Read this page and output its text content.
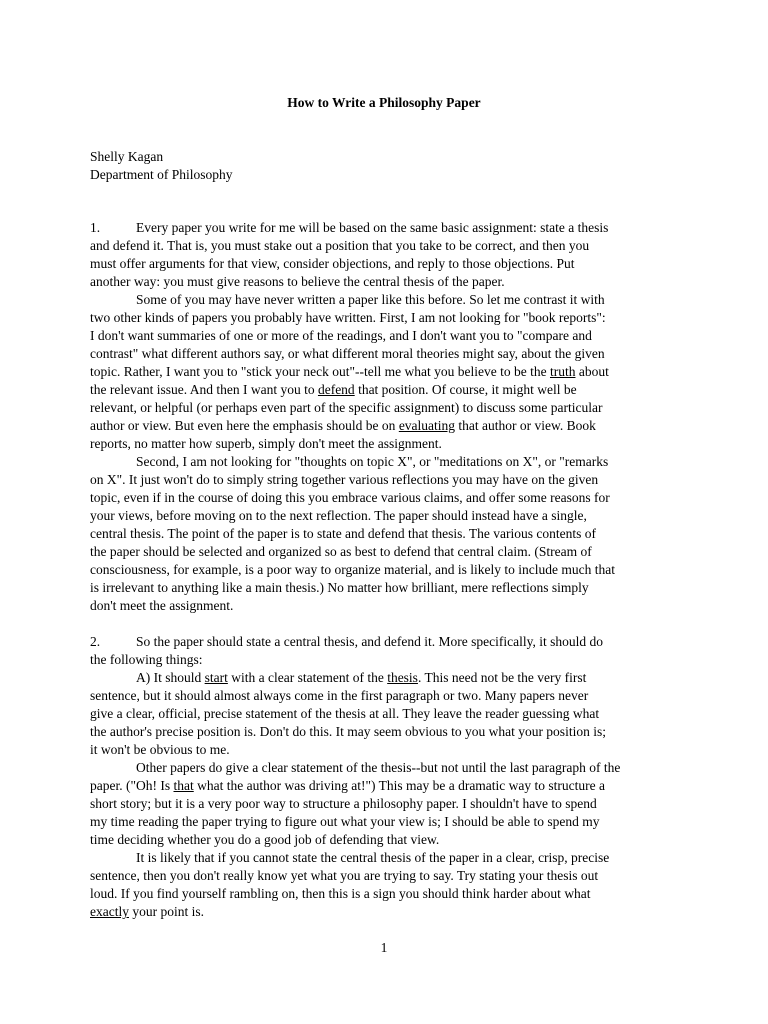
How to Write a Philosophy Paper
Shelly Kagan
Department of Philosophy
1.	Every paper you write for me will be based on the same basic assignment: state a thesis
and defend it. That is, you must stake out a position that you take to be correct, and then you
must offer arguments for that view, consider objections, and reply to those objections. Put
another way: you must give reasons to believe the central thesis of the paper.
Some of you may have never written a paper like this before. So let me contrast it with
two other kinds of papers you probably have written. First, I am not looking for "book reports":
I don't want summaries of one or more of the readings, and I don't want you to "compare and
contrast" what different authors say, or what different moral theories might say, about the given
topic. Rather, I want you to "stick your neck out"--tell me what you believe to be the truth about
the relevant issue. And then I want you to defend that position. Of course, it might well be
relevant, or helpful (or perhaps even part of the specific assignment) to discuss some particular
author or view. But even here the emphasis should be on evaluating that author or view. Book
reports, no matter how superb, simply don't meet the assignment.
Second, I am not looking for "thoughts on topic X", or "meditations on X", or "remarks
on X". It just won't do to simply string together various reflections you may have on the given
topic, even if in the course of doing this you embrace various claims, and offer some reasons for
your views, before moving on to the next reflection. The paper should instead have a single,
central thesis. The point of the paper is to state and defend that thesis. The various contents of
the paper should be selected and organized so as best to defend that central claim. (Stream of
consciousness, for example, is a poor way to organize material, and is likely to include much that
is irrelevant to anything like a main thesis.) No matter how brilliant, mere reflections simply
don't meet the assignment.
2.	So the paper should state a central thesis, and defend it. More specifically, it should do
the following things:
A) It should start with a clear statement of the thesis. This need not be the very first
sentence, but it should almost always come in the first paragraph or two. Many papers never
give a clear, official, precise statement of the thesis at all. They leave the reader guessing what
the author's precise position is. Don't do this. It may seem obvious to you what your position is;
it won't be obvious to me.
Other papers do give a clear statement of the thesis--but not until the last paragraph of the
paper. ("Oh! Is that what the author was driving at!") This may be a dramatic way to structure a
short story; but it is a very poor way to structure a philosophy paper. I shouldn't have to spend
my time reading the paper trying to figure out what your view is; I should be able to spend my
time deciding whether you do a good job of defending that view.
It is likely that if you cannot state the central thesis of the paper in a clear, crisp, precise
sentence, then you don't really know yet what you are trying to say. Try stating your thesis out
loud. If you find yourself rambling on, then this is a sign you should think harder about what
exactly your point is.
1
